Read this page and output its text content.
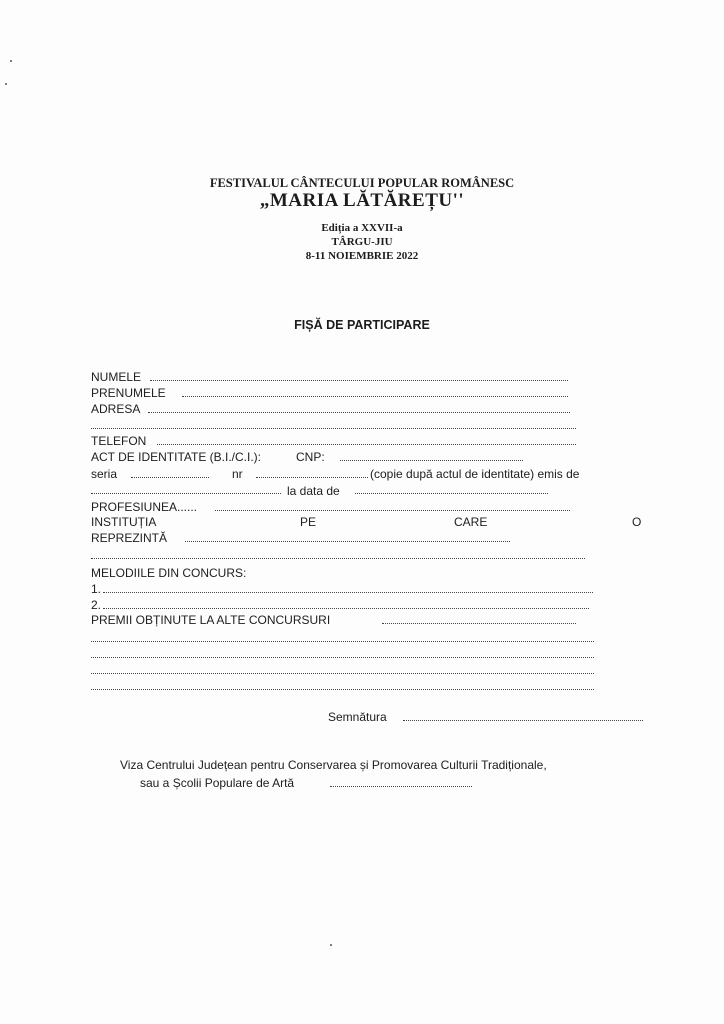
FESTIVALUL CÂNTECULUI POPULAR ROMÂNESC
„MARIA LĂTĂREȚU''
Ediția a XXVII-a
TÂRGU-JIU
8-11 NOIEMBRIE 2022
FIȘĂ DE PARTICIPARE
NUMELE
PRENUMELE
ADRESA
TELEFON
ACT DE IDENTITATE (B.I./C.I.):	CNP:
seria	nr	(copie după actul de identitate) emis de
la data de
PROFESIUNEA......
INSTITUȚIA	PE	CARE	O
REPREZINTĂ
MELODIILE DIN CONCURS:
1.
2.
PREMII OBȚINUTE LA ALTE CONCURSURI
Semnătura
Viza Centrului Județean pentru Conservarea și Promovarea Culturii Tradiționale,
sau a Școlii Populare de Artă
